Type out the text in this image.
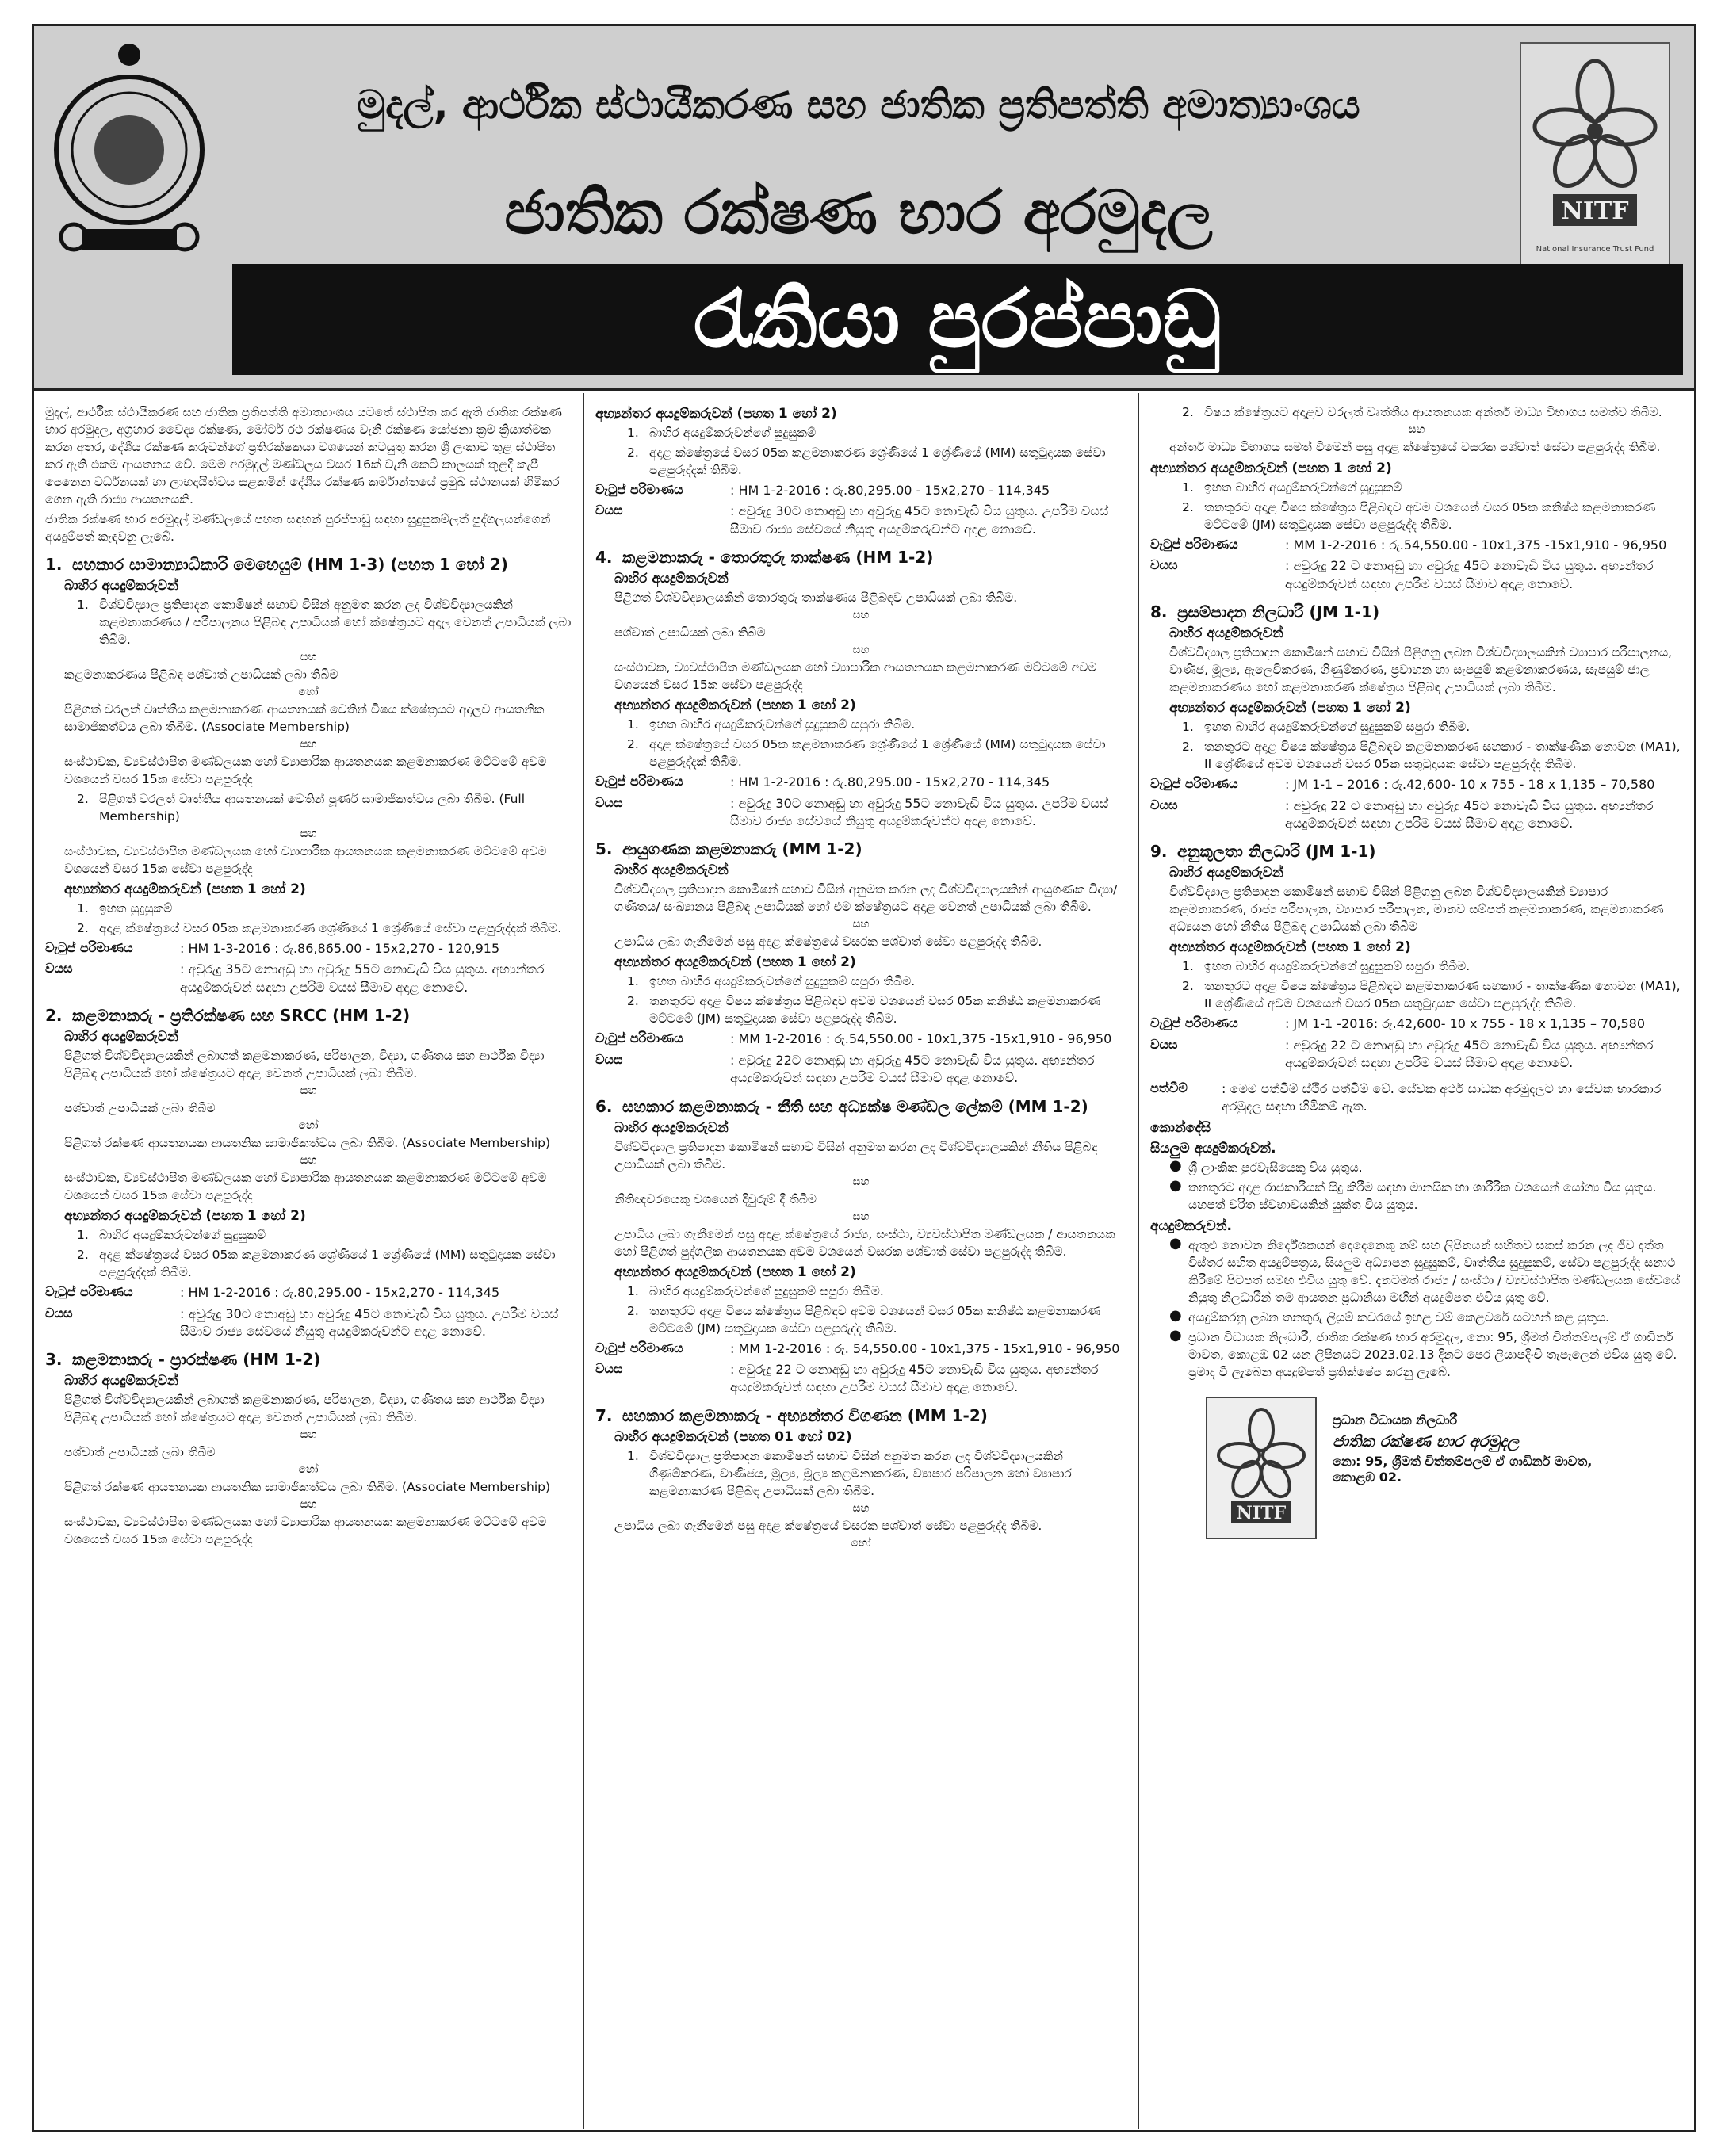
මුදල්, ආර්ථික ස්ථායීකරණ සහ ජාතික ප්‍රතිපත්ති අමාත්‍යාංශය
ජාතික රක්ෂණ භාර අරමුදල	NITF
National Insurance Trust Fund
රැකියා පුරප්පාඩු

මුදල්, ආර්ථික ස්ථායීකරණ සහ ජාතික ප්‍රතිපත්ති අමාත්‍යාංශය යටතේ ස්ථාපිත කර ඇති ජාතික රක්ෂණ භාර අරමුදල, අග්‍රහාර වෛද්‍ය රක්ෂණ, මෝටර් රථ රක්ෂණය වැනි රක්ෂණ යෝජනා ක්‍රම ක්‍රියාත්මක කරන අතර, දේශීය රක්ෂණ කරුවන්ගේ ප්‍රතිරක්ෂකයා වශයෙන් කටයුතු කරන ශ්‍රී ලංකාව තුළ ස්ථාපිත කර ඇති එකම ආයතනය වේ. මෙම අරමුදල් මණ්ඩලය වසර 16ක් වැනි කෙටි කාලයක් තුළදී කැපී පෙනෙන වර්ධනයක් හා ලාභදායීත්වය සළකමින් දේශීය රක්ෂණ කර්මාන්තයේ ප්‍රමුඛ ස්ථානයක් හිමිකර ගෙන ඇති රාජ්‍ය ආයතනයකි.

ජාතික රක්ෂණ භාර අරමුදල් මණ්ඩලයේ පහත සඳහන් පුරප්පාඩු සඳහා සුදුසුකම්ලත් පුද්ගලයන්ගෙන් අයදුම්පත් කැඳවනු ලැබේ.

1. සහකාර සාමාන්‍යාධිකාරි මෙහෙයුම් (HM 1-3) (පහත 1 හෝ 2)
බාහිර අයදුම්කරුවන්
1. විශ්වවිද්‍යාල ප්‍රතිපාදන කොමිෂන් සභාව විසින් අනුමත කරන ලද විශ්වවිද්‍යාලයකින් කළමනාකරණය / පරිපාලනය පිළිබඳ උපාධියක් හෝ ක්ෂේත්‍රයට අදාල වෙනත් උපාධියක් ලබා තිබීම.
සහ

කළමනාකරණය පිළිබඳ පශ්චාත් උපාධියක් ලබා තිබීම

හෝ

පිළිගත් වරලත් වෘත්තීය කළමනාකරණ ආයතනයක් වෙතින් විෂය ක්ෂේත්‍රයට අදාලව ආයතනික සාමාජිකත්වය ලබා තිබීම. (Associate Membership)

සහ

සංස්ථාවක, ව්‍යවස්ථාපිත මණ්ඩලයක හෝ ව්‍යාපාරික ආයතනයක කළමනාකරණ මට්ටමේ අවම වශයෙන් වසර 15ක සේවා පළපුරුද්ද

2. පිළිගත් වරලත් වෘත්තීය ආයතනයක් වෙතින් පූර්ණ සාමාජිකත්වය ලබා තිබීම. (Full Membership)
සහ

සංස්ථාවක, ව්‍යවස්ථාපිත මණ්ඩලයක හෝ ව්‍යාපාරික ආයතනයක කළමනාකරණ මට්ටමේ අවම වශයෙන් වසර 15ක සේවා පළපුරුද්ද

අභ්‍යන්තර අයදුම්කරුවන් (පහත 1 හෝ 2)
1. ඉහත සුදුසුකම්
2. අදාළ ක්ෂේත්‍රයේ වසර 05ක කළමනාකරණ ශ්‍රේණියේ 1 ශ්‍රේණියේ සේවා පළපුරුද්දක් තිබීම.
වැටුප් පරිමාණය	: HM 1-3-2016 : රු.86,865.00 - 15x2,270 - 120,915
වයස	: අවුරුදු 35ට නොඅඩු හා අවුරුදු 55ට නොවැඩි විය යුතුය. අභ්‍යන්තර අයදුම්කරුවන් සඳහා උපරිම වයස් සීමාව අදාළ නොවේ.
2. කළමනාකරු - ප්‍රතිරක්ෂණ සහ SRCC (HM 1-2)
බාහිර අයදුම්කරුවන්

පිළිගත් විශ්වවිද්‍යාලයකින් ලබාගත් කළමනාකරණ, පරිපාලන, විද්‍යා, ගණිතය සහ ආර්ථික විද්‍යා පිළිබඳ උපාධියක් හෝ ක්ෂේත්‍රයට අදාළ වෙනත් උපාධියක් ලබා තිබීම.

සහ

පශ්චාත් උපාධියක් ලබා තිබීම

හෝ

පිළිගත් රක්ෂණ ආයතනයක ආයතනික සාමාජිකත්වය ලබා තිබීම. (Associate Membership)

සහ

සංස්ථාවක, ව්‍යවස්ථාපිත මණ්ඩලයක හෝ ව්‍යාපාරික ආයතනයක කළමනාකරණ මට්ටමේ අවම වශයෙන් වසර 15ක සේවා පළපුරුද්ද

අභ්‍යන්තර අයදුම්කරුවන් (පහත 1 හෝ 2)
1. බාහිර අයදුම්කරුවන්ගේ සුදුසුකම්
2. අදාළ ක්ෂේත්‍රයේ වසර 05ක කළමනාකරණ ශ්‍රේණියේ 1 ශ්‍රේණියේ (MM) සතුටුදායක සේවා පළපුරුද්දක් තිබීම.
වැටුප් පරිමාණය	: HM 1-2-2016 : රු.80,295.00 - 15x2,270 - 114,345
වයස	: අවුරුදු 30ට නොඅඩු හා අවුරුදු 45ට නොවැඩි විය යුතුය. උපරිම වයස් සීමාව රාජ්‍ය සේවයේ නියුතු අයදුම්කරුවන්ට අදාළ නොවේ.
3. කළමනාකරු - ප්‍රාරක්ෂණ (HM 1-2)
බාහිර අයදුම්කරුවන්

පිළිගත් විශ්වවිද්‍යාලයකින් ලබාගත් කළමනාකරණ, පරිපාලන, විද්‍යා, ගණිතය සහ ආර්ථික විද්‍යා පිළිබඳ උපාධියක් හෝ ක්ෂේත්‍රයට අදාළ වෙනත් උපාධියක් ලබා තිබීම.

සහ

පශ්චාත් උපාධියක් ලබා තිබීම

හෝ

පිළිගත් රක්ෂණ ආයතනයක ආයතනික සාමාජිකත්වය ලබා තිබීම. (Associate Membership)

සහ

සංස්ථාවක, ව්‍යවස්ථාපිත මණ්ඩලයක හෝ ව්‍යාපාරික ආයතනයක කළමනාකරණ මට්ටමේ අවම වශයෙන් වසර 15ක සේවා පළපුරුද්ද

අභ්‍යන්තර අයදුම්කරුවන් (පහත 1 හෝ 2)
1. බාහිර අයදුම්කරුවන්ගේ සුදුසුකම්
2. අදාළ ක්ෂේත්‍රයේ වසර 05ක කළමනාකරණ ශ්‍රේණියේ 1 ශ්‍රේණියේ (MM) සතුටුදායක සේවා පළපුරුද්දක් තිබීම.
වැටුප් පරිමාණය	: HM 1-2-2016 : රු.80,295.00 - 15x2,270 - 114,345
වයස	: අවුරුදු 30ට නොඅඩු හා අවුරුදු 45ට නොවැඩි විය යුතුය. උපරිම වයස් සීමාව රාජ්‍ය සේවයේ නියුතු අයදුම්කරුවන්ට අදාළ නොවේ.
4. කළමනාකරු - තොරතුරු තාක්ෂණ (HM 1-2)
බාහිර අයදුම්කරුවන්

පිළිගත් විශ්වවිද්‍යාලයකින් තොරතුරු තාක්ෂණය පිළිබඳව උපාධියක් ලබා තිබීම.

සහ

පශ්චාත් උපාධියක් ලබා තිබීම

සහ

සංස්ථාවක, ව්‍යවස්ථාපිත මණ්ඩලයක හෝ ව්‍යාපාරික ආයතනයක කළමනාකරණ මට්ටමේ අවම වශයෙන් වසර 15ක සේවා පළපුරුද්ද

අභ්‍යන්තර අයදුම්කරුවන් (පහත 1 හෝ 2)
1. ඉහත බාහිර අයදුම්කරුවන්ගේ සුදුසුකම් සපුරා තිබීම.
2. අදාළ ක්ෂේත්‍රයේ වසර 05ක කළමනාකරණ ශ්‍රේණියේ 1 ශ්‍රේණියේ (MM) සතුටුදායක සේවා පළපුරුද්දක් තිබීම.
වැටුප් පරිමාණය	: HM 1-2-2016 : රු.80,295.00 - 15x2,270 - 114,345
වයස	: අවුරුදු 30ට නොඅඩු හා අවුරුදු 55ට නොවැඩි විය යුතුය. උපරිම වයස් සීමාව රාජ්‍ය සේවයේ නියුතු අයදුම්කරුවන්ට අදාළ නොවේ.
5. ආයුගණක කළමනාකරු (MM 1-2)
බාහිර අයදුම්කරුවන්

විශ්වවිද්‍යාල ප්‍රතිපාදන කොමිෂන් සභාව විසින් අනුමත කරන ලද විශ්වවිද්‍යාලයකින් ආයුගණක විද්‍යා/ගණිතය/ සංඛ්‍යානය පිළිබඳ උපාධියක් හෝ එම ක්ෂේත්‍රයට අදාළ වෙනත් උපාධියක් ලබා තිබීම.

සහ

උපාධිය ලබා ගැනීමෙන් පසු අදාළ ක්ෂේත්‍රයේ වසරක පශ්චාත් සේවා පළපුරුද්ද තිබීම.

අභ්‍යන්තර අයදුම්කරුවන් (පහත 1 හෝ 2)
1. ඉහත බාහිර අයදුම්කරුවන්ගේ සුදුසුකම් සපුරා තිබීම.
2. තනතුරට අදාළ විෂය ක්ෂේත්‍රය පිළිබඳව අවම වශයෙන් වසර 05ක කනිෂ්ඨ කළමනාකරණ මට්ටමේ (JM) සතුටුදායක සේවා පළපුරුද්ද තිබීම.
වැටුප් පරිමාණය	: MM 1-2-2016 : රු.54,550.00 - 10x1,375 -15x1,910 - 96,950
වයස	: අවුරුදු 22ට නොඅඩු හා අවුරුදු 45ට නොවැඩි විය යුතුය. අභ්‍යන්තර අයදුම්කරුවන් සඳහා උපරිම වයස් සීමාව අදාළ නොවේ.
6. සහකාර කළමනාකරු - නීති සහ අධ්‍යක්ෂ මණ්ඩල ලේකම් (MM 1-2)
බාහිර අයදුම්කරුවන්

විශ්වවිද්‍යාල ප්‍රතිපාදන කොමිෂන් සභාව විසින් අනුමත කරන ලද විශ්වවිද්‍යාලයකින් නීතිය පිළිබඳ උපාධියක් ලබා තිබීම.

සහ

නීතිඥවරයෙකු වශයෙන් දිවුරුම් දී තිබීම

සහ

උපාධිය ලබා ගැනීමෙන් පසු අදාළ ක්ෂේත්‍රයේ රාජ්‍ය, සංස්ථා, ව්‍යවස්ථාපිත මණ්ඩලයක / ආයතනයක හෝ පිළිගත් පුද්ගලික ආයතනයක අවම වශයෙන් වසරක පශ්චාත් සේවා පළපුරුද්ද තිබීම.

අභ්‍යන්තර අයදුම්කරුවන් (පහත 1 හෝ 2)
1. බාහිර අයදුම්කරුවන්ගේ සුදුසුකම් සපුරා තිබීම.
2. තනතුරට අදාළ විෂය ක්ෂේත්‍රය පිළිබඳව අවම වශයෙන් වසර 05ක කනිෂ්ඨ කළමනාකරණ මට්ටමේ (JM) සතුටුදායක සේවා පළපුරුද්ද තිබීම.
වැටුප් පරිමාණය	: MM 1-2-2016 : රු. 54,550.00 - 10x1,375 - 15x1,910 - 96,950
වයස	: අවුරුදු 22 ට නොඅඩු හා අවුරුදු 45ට නොවැඩි විය යුතුය. අභ්‍යන්තර අයදුම්කරුවන් සඳහා උපරිම වයස් සීමාව අදාළ නොවේ.
7. සහකාර කළමනාකරු - අභ්‍යන්තර විගණන (MM 1-2)
බාහිර අයදුම්කරුවන් (පහත 01 හෝ 02)
1. විශ්වවිද්‍යාල ප්‍රතිපාදන කොමිෂන් සභාව විසින් අනුමත කරන ලද විශ්වවිද්‍යාලයකින් ගිණුම්කරණ, වාණිජය, මූල්‍ය, මූල්‍ය කළමනාකරණ, ව්‍යාපාර පරිපාලන හෝ ව්‍යාපාර කළමනාකරණ පිළිබඳ උපාධියක් ලබා තිබීම.
සහ

උපාධිය ලබා ගැනීමෙන් පසු අදාළ ක්ෂේත්‍රයේ වසරක පශ්චාත් සේවා පළපුරුද්ද තිබීම.

හෝ
2. විෂය ක්ෂේත්‍රයට අදාළව වරලත් වෘත්තීය ආයතනයක අන්තර් මාධ්‍ය විභාගය සමත්ව තිබීම.
සහ

අන්තර් මාධ්‍ය විභාගය සමත් වීමෙන් පසු අදාළ ක්ෂේත්‍රයේ වසරක පශ්චාත් සේවා පළපුරුද්ද තිබීම.

අභ්‍යන්තර අයදුම්කරුවන් (පහත 1 හෝ 2)
1. ඉහත බාහිර අයදුම්කරුවන්ගේ සුදුසුකම්
2. තනතුරට අදාළ විෂය ක්ෂේත්‍රය පිළිබඳව අවම වශයෙන් වසර 05ක කනිෂ්ඨ කළමනාකරණ මට්ටමේ (JM) සතුටුදායක සේවා පළපුරුද්ද තිබීම.
වැටුප් පරිමාණය	: MM 1-2-2016 : රු.54,550.00 - 10x1,375 -15x1,910 - 96,950
වයස	: අවුරුදු 22 ට නොඅඩු හා අවුරුදු 45ට නොවැඩි විය යුතුය. අභ්‍යන්තර අයදුම්කරුවන් සඳහා උපරිම වයස් සීමාව අදාළ නොවේ.
8. ප්‍රසම්පාදන නිලධාරි (JM 1-1)
බාහිර අයදුම්කරුවන්

විශ්වවිද්‍යාල ප්‍රතිපාදන කොමිෂන් සභාව විසින් පිළිගනු ලබන විශ්වවිද්‍යාලයකින් ව්‍යාපාර පරිපාලනය, වාණිජ, මූල්‍ය, ඇලෙවිකරණ, ගිණුම්කරණ, ප්‍රවාහන හා සැපයුම් කළමනාකරණය, සැපයුම් ජාල කළමනාකරණය හෝ කළමනාකරණ ක්ෂේත්‍රය පිළිබඳ උපාධියක් ලබා තිබීම.

අභ්‍යන්තර අයදුම්කරුවන් (පහත 1 හෝ 2)
1. ඉහත බාහිර අයදුම්කරුවන්ගේ සුදුසුකම් සපුරා තිබීම.
2. තනතුරට අදාළ විෂය ක්ෂේත්‍රය පිළිබඳව කළමනාකරණ සහකාර - තාක්ෂණික නොවන (MA1), II ශ්‍රේණියේ අවම වශයෙන් වසර 05ක සතුටුදායක සේවා පළපුරුද්ද තිබීම.
වැටුප් පරිමාණය	: JM 1-1 – 2016 : රු.42,600- 10 x 755 - 18 x 1,135 – 70,580
වයස	: අවුරුදු 22 ට නොඅඩු හා අවුරුදු 45ට නොවැඩි විය යුතුය. අභ්‍යන්තර අයදුම්කරුවන් සඳහා උපරිම වයස් සීමාව අදාළ නොවේ.
9. අනුකූලතා නිලධාරි (JM 1-1)
බාහිර අයදුම්කරුවන්

විශ්වවිද්‍යාල ප්‍රතිපාදන කොමිෂන් සභාව විසින් පිළිගනු ලබන විශ්වවිද්‍යාලයකින් ව්‍යාපාර කළමනාකරණ, රාජ්‍ය පරිපාලන, ව්‍යාපාර පරිපාලන, මානව සම්පත් කළමනාකරණ, කළමනාකරණ අධ්‍යයන හෝ නීතිය පිළිබඳ උපාධියක් ලබා තිබීම

අභ්‍යන්තර අයදුම්කරුවන් (පහත 1 හෝ 2)
1. ඉහත බාහිර අයදුම්කරුවන්ගේ සුදුසුකම් සපුරා තිබීම.
2. තනතුරට අදාළ විෂය ක්ෂේත්‍රය පිළිබඳව කළමනාකරණ සහකාර - තාක්ෂණික නොවන (MA1), II ශ්‍රේණියේ අවම වශයෙන් වසර 05ක සතුටුදායක සේවා පළපුරුද්ද තිබීම.
වැටුප් පරිමාණය	: JM 1-1 -2016: රු.42,600- 10 x 755 - 18 x 1,135 – 70,580
වයස	: අවුරුදු 22 ට නොඅඩු හා අවුරුදු 45ට නොවැඩි විය යුතුය. අභ්‍යන්තර අයදුම්කරුවන් සඳහා උපරිම වයස් සීමාව අදාළ නොවේ.
පත්වීම්	: මෙම පත්වීම් ස්ථිර පත්වීම් වේ. සේවක අර්ථ සාධක අරමුදලට හා සේවක භාරකාර අරමුදල සඳහා හිමිකම් ඇත.
කොන්දේසි
සියලුම අයදුම්කරුවන්.
● ශ්‍රී ලාංකික පුරවැසියෙකු විය යුතුය.
● තනතුරට අදාළ රාජකාරියක් සිදු කිරීම සඳහා මානසික හා ශාරීරික වශයෙන් යෝග්‍ය විය යුතුය. යහපත් චරිත ස්වභාවයකින් යුක්ත විය යුතුය.
අයදුම්කරුවන්.
● ඇතුළු නොවන නිර්දේශකයන් දෙදෙනෙකු නම් සහ ලිපිනයන් සහිතව සකස් කරන ලද ජීව දත්ත විස්තර සහිත අයදුම්පත්‍රය, සියලුම අධ්‍යාපන සුදුසුකම්, වෘත්තීය සුදුසුකම්, සේවා පළපුරුද්ද සනාථ කිරීමේ පිටපත් සමඟ එවිය යුතු වේ. දැනටමත් රාජ්‍ය / සංස්ථා / ව්‍යවස්ථාපිත මණ්ඩලයක සේවයේ නියුතු නිලධාරීන් තම ආයතන ප්‍රධානියා මඟින් අයදුම්පත එවිය යුතු වේ.
● අයදුම්කරනු ලබන තනතුරු ලියුම් කවරයේ ඉහළ වම් කෙළවරේ සටහන් කළ යුතුය.
● ප්‍රධාන විධායක නිලධාරී, ජාතික රක්ෂණ භාර අරමුදල, නො: 95, ශ්‍රීමත් චිත්තම්පලම් ඒ ගාඩිනර් මාවත, කොළඹ 02 යන ලිපිනයට 2023.02.13 දිනට පෙර ලියාපදිංචි තැපෑලෙන් එවිය යුතු වේ. ප්‍රමාද වී ලැබෙන අයදුම්පත් ප්‍රතික්ෂේප කරනු ලැබේ.
NITF
ප්‍රධාන විධායක නිලධාරී
ජාතික රක්ෂණ භාර අරමුදල
නො: 95, ශ්‍රීමත් චිත්තම්පලම් ඒ ගාඩිනර් මාවත,
කොළඹ 02.
